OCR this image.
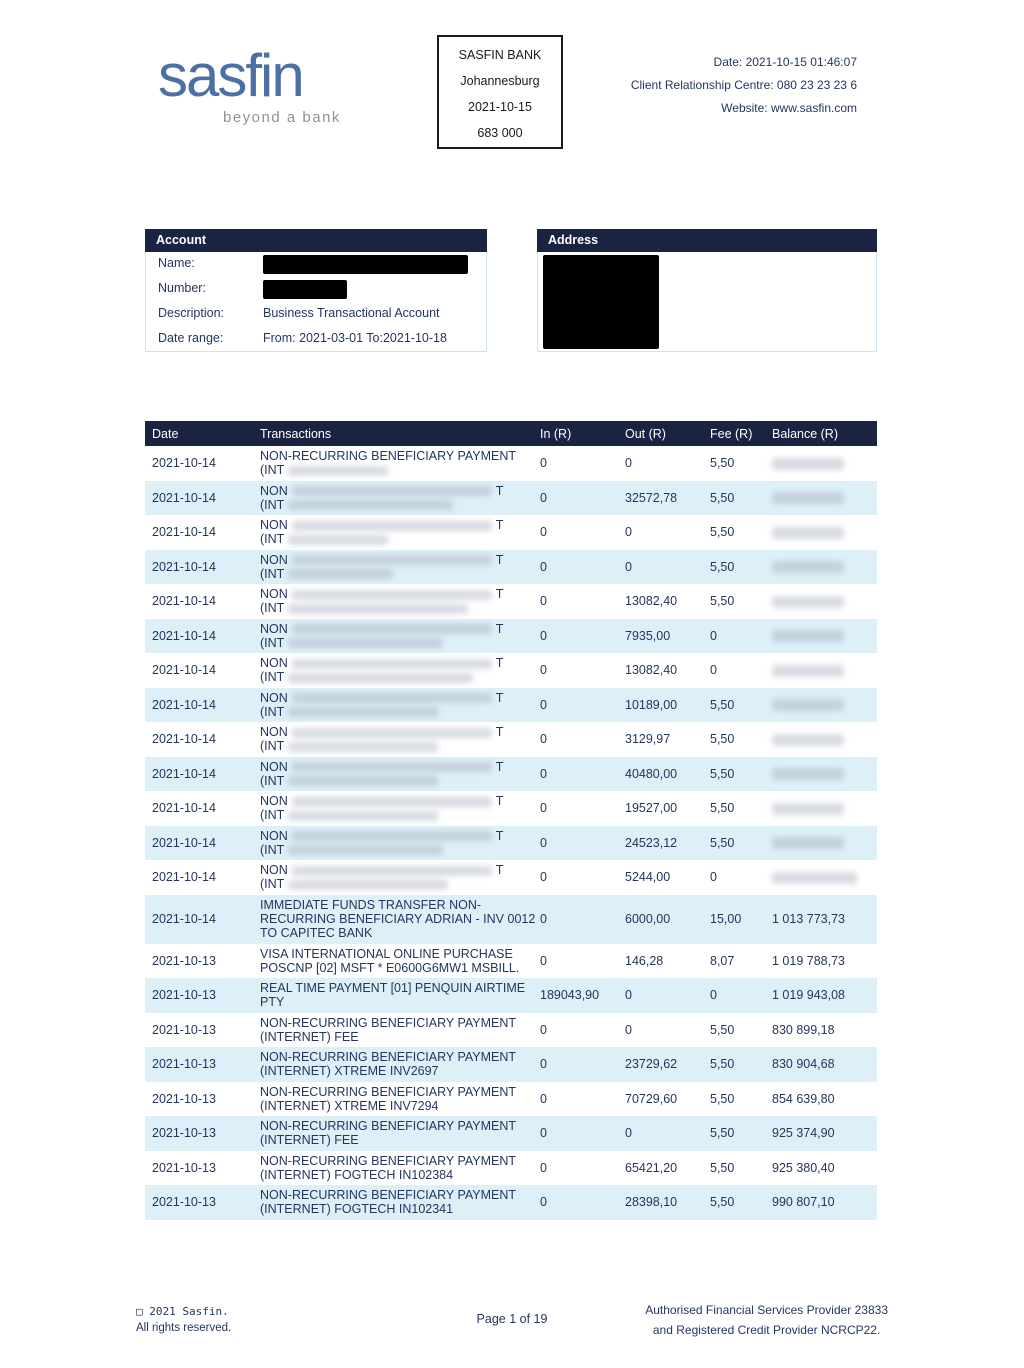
sasfin
beyond a bank
SASFIN BANK
Johannesburg
2021-10-15
683 000
Date: 2021-10-15 01:46:07
Client Relationship Centre: 080 23 23 23 6
Website: www.sasfin.com
Account
Name:
Number:
Description:	Business Transactional Account
Date range:	From: 2021-03-01 To:2021-10-18
Address
Date	Transactions	In (R)	Out (R)	Fee (R)	Balance (R)
2021-10-14	NON-RECURRING BENEFICIARY PAYMENT
(INT	0	0	5,50
2021-10-14	NON	T
(INT	0	32572,78	5,50
2021-10-14	NON	T
(INT	0	0	5,50
2021-10-14	NON	T
(INT	0	0	5,50
2021-10-14	NON	T
(INT	0	13082,40	5,50
2021-10-14	NON	T
(INT	0	7935,00	0
2021-10-14	NON	T
(INT	0	13082,40	0
2021-10-14	NON	T
(INT	0	10189,00	5,50
2021-10-14	NON	T
(INT	0	3129,97	5,50
2021-10-14	NON	T
(INT	0	40480,00	5,50
2021-10-14	NON	T
(INT	0	19527,00	5,50
2021-10-14	NON	T
(INT	0	24523,12	5,50
2021-10-14	NON	T
(INT	0	5244,00	0
2021-10-14
IMMEDIATE FUNDS TRANSFER NON-
RECURRING BENEFICIARY ADRIAN - INV 0012
TO CAPITEC BANK
0	6000,00	15,00	1 013 773,73
2021-10-13	VISA INTERNATIONAL ONLINE PURCHASE
POSCNP [02] MSFT * E0600G6MW1 MSBILL.	0	146,28	8,07	1 019 788,73
2021-10-13	REAL TIME PAYMENT [01] PENQUIN AIRTIME
PTY	189043,90	0	0	1 019 943,08
2021-10-13	NON-RECURRING BENEFICIARY PAYMENT
(INTERNET) FEE	0	0	5,50	830 899,18
2021-10-13	NON-RECURRING BENEFICIARY PAYMENT
(INTERNET) XTREME INV2697	0	23729,62	5,50	830 904,68
2021-10-13	NON-RECURRING BENEFICIARY PAYMENT
(INTERNET) XTREME INV7294	0	70729,60	5,50	854 639,80
2021-10-13	NON-RECURRING BENEFICIARY PAYMENT
(INTERNET) FEE	0	0	5,50	925 374,90
2021-10-13	NON-RECURRING BENEFICIARY PAYMENT
(INTERNET) FOGTECH IN102384	0	65421,20	5,50	925 380,40
2021-10-13	NON-RECURRING BENEFICIARY PAYMENT
(INTERNET) FOGTECH IN102341	0	28398,10	5,50	990 807,10
□ 2021 Sasfin.
All rights reserved.
Page 1 of 19
Authorised Financial Services Provider 23833
and Registered Credit Provider NCRCP22.
